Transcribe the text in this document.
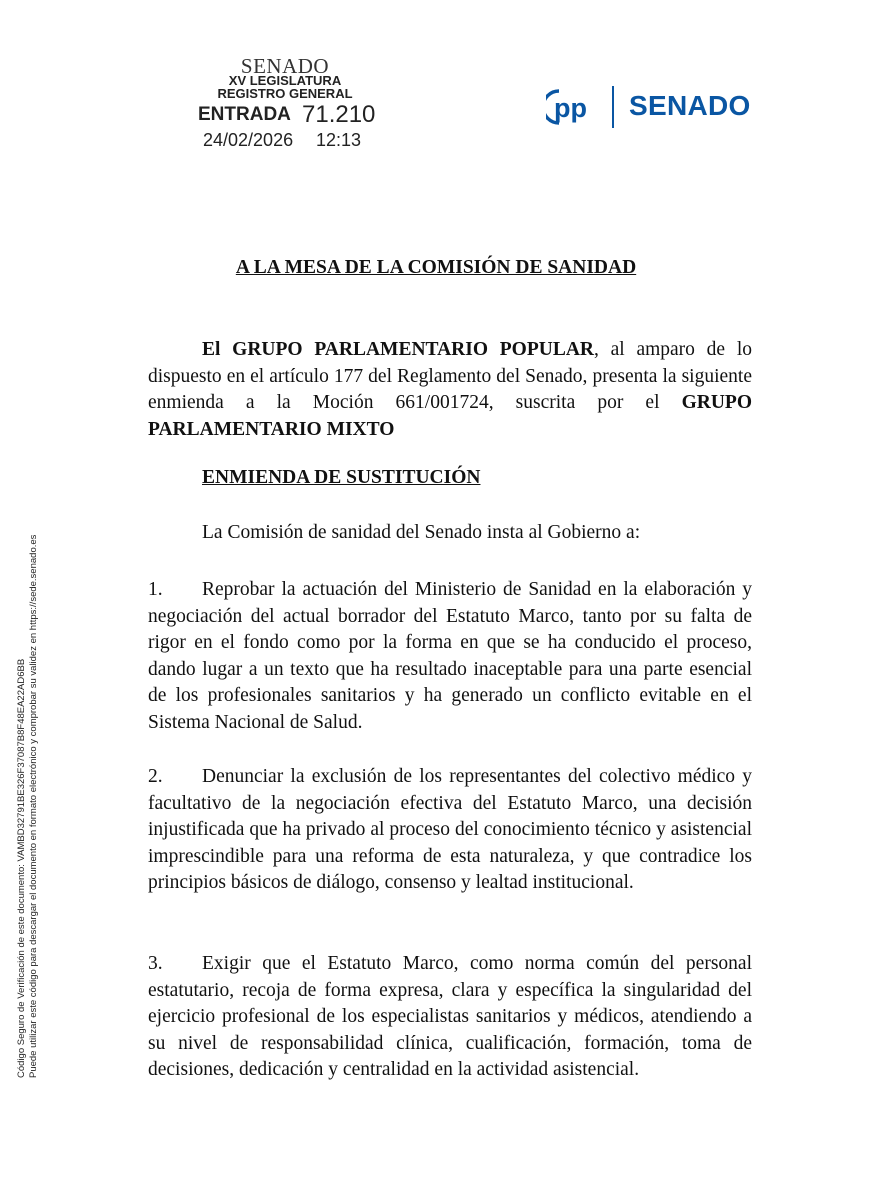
SENADO
XV LEGISLATURA
REGISTRO GENERAL
ENTRADA 71.210
24/02/2026 12:13
pp SENADO
Código Seguro de Verificación de este documento: VAMBD32791BE326F37087B8F48EA22AD6BB Puede utilizar este código para descargar el documento en formato electrónico y comprobar su validez en https://sede.senado.es
A LA MESA DE LA COMISIÓN DE SANIDAD
El GRUPO PARLAMENTARIO POPULAR, al amparo de lo dispuesto en el artículo 177 del Reglamento del Senado, presenta la siguiente enmienda a la Moción 661/001724, suscrita por el GRUPO PARLAMENTARIO MIXTO
ENMIENDA DE SUSTITUCIÓN
La Comisión de sanidad del Senado insta al Gobierno a:
1. Reprobar la actuación del Ministerio de Sanidad en la elaboración y negociación del actual borrador del Estatuto Marco, tanto por su falta de rigor en el fondo como por la forma en que se ha conducido el proceso, dando lugar a un texto que ha resultado inaceptable para una parte esencial de los profesionales sanitarios y ha generado un conflicto evitable en el Sistema Nacional de Salud.
2. Denunciar la exclusión de los representantes del colectivo médico y facultativo de la negociación efectiva del Estatuto Marco, una decisión injustificada que ha privado al proceso del conocimiento técnico y asistencial imprescindible para una reforma de esta naturaleza, y que contradice los principios básicos de diálogo, consenso y lealtad institucional.
3. Exigir que el Estatuto Marco, como norma común del personal estatutario, recoja de forma expresa, clara y específica la singularidad del ejercicio profesional de los especialistas sanitarios y médicos, atendiendo a su nivel de responsabilidad clínica, cualificación, formación, toma de decisiones, dedicación y centralidad en la actividad asistencial.
